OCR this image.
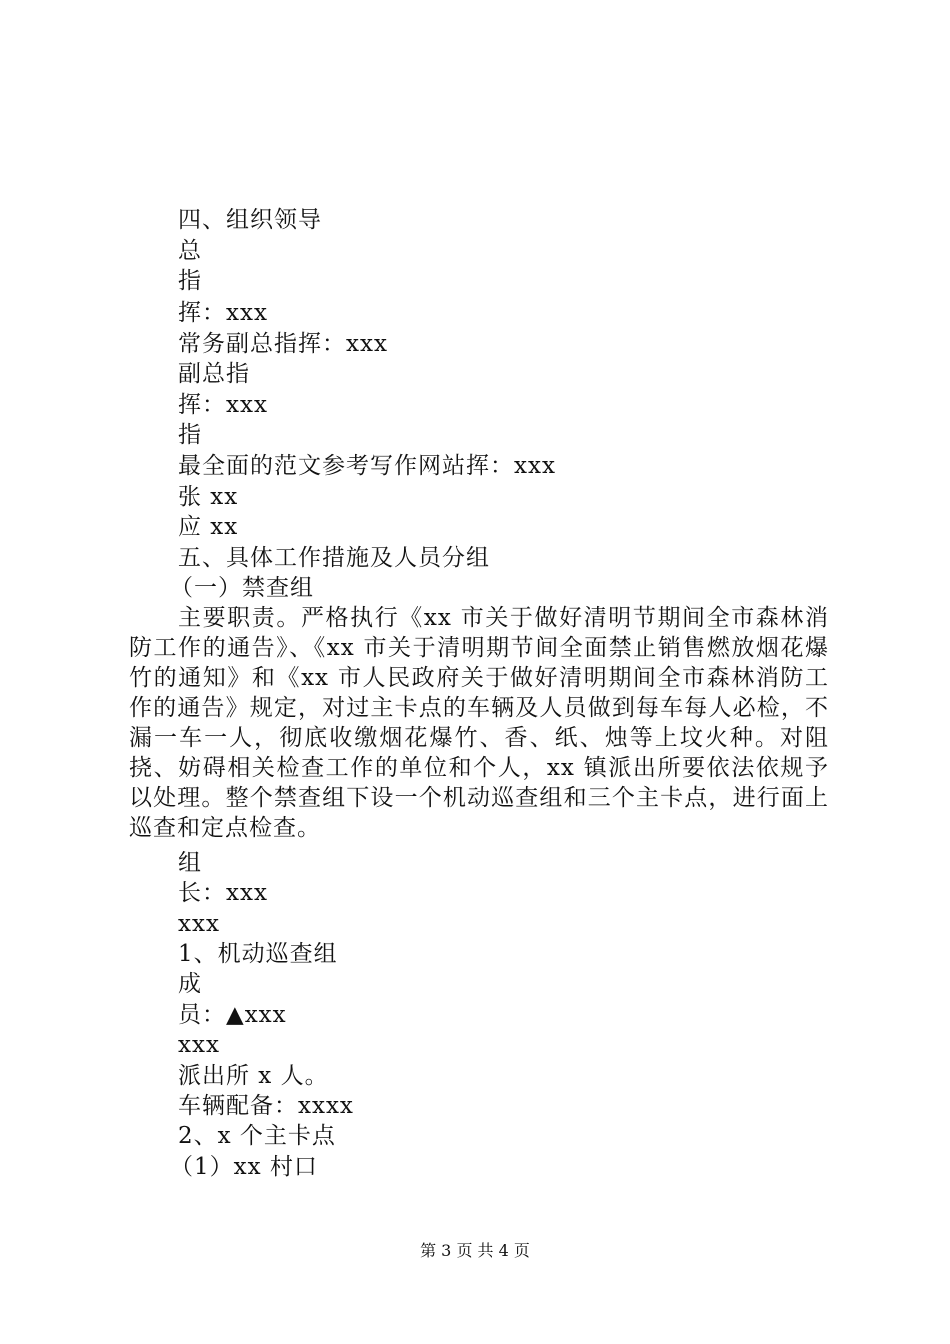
四、组织领导
总
指
挥：xxx
常务副总指挥：xxx
副总指
挥：xxx
指
最全面的范文参考写作网站挥：xxx
张 xx
应 xx
五、具体工作措施及人员分组
（一）禁查组
主要职责。严格执行《xx 市关于做好清明节期间全市森林消防工作的通告》、《xx 市关于清明期节间全面禁止销售燃放烟花爆竹的通知》和《xx 市人民政府关于做好清明期间全市森林消防工作的通告》规定，对过主卡点的车辆及人员做到每车每人必检，不漏一车一人，彻底收缴烟花爆竹、香、纸、烛等上坟火种。对阻挠、妨碍相关检查工作的单位和个人，xx 镇派出所要依法依规予以处理。整个禁查组下设一个机动巡查组和三个主卡点，进行面上巡查和定点检查。
组
长：xxx
xxx
1、机动巡查组
成
员：▲xxx
xxx
派出所 x 人。
车辆配备：xxxx
2、x 个主卡点
（1）xx 村口
第 3 页 共 4 页
